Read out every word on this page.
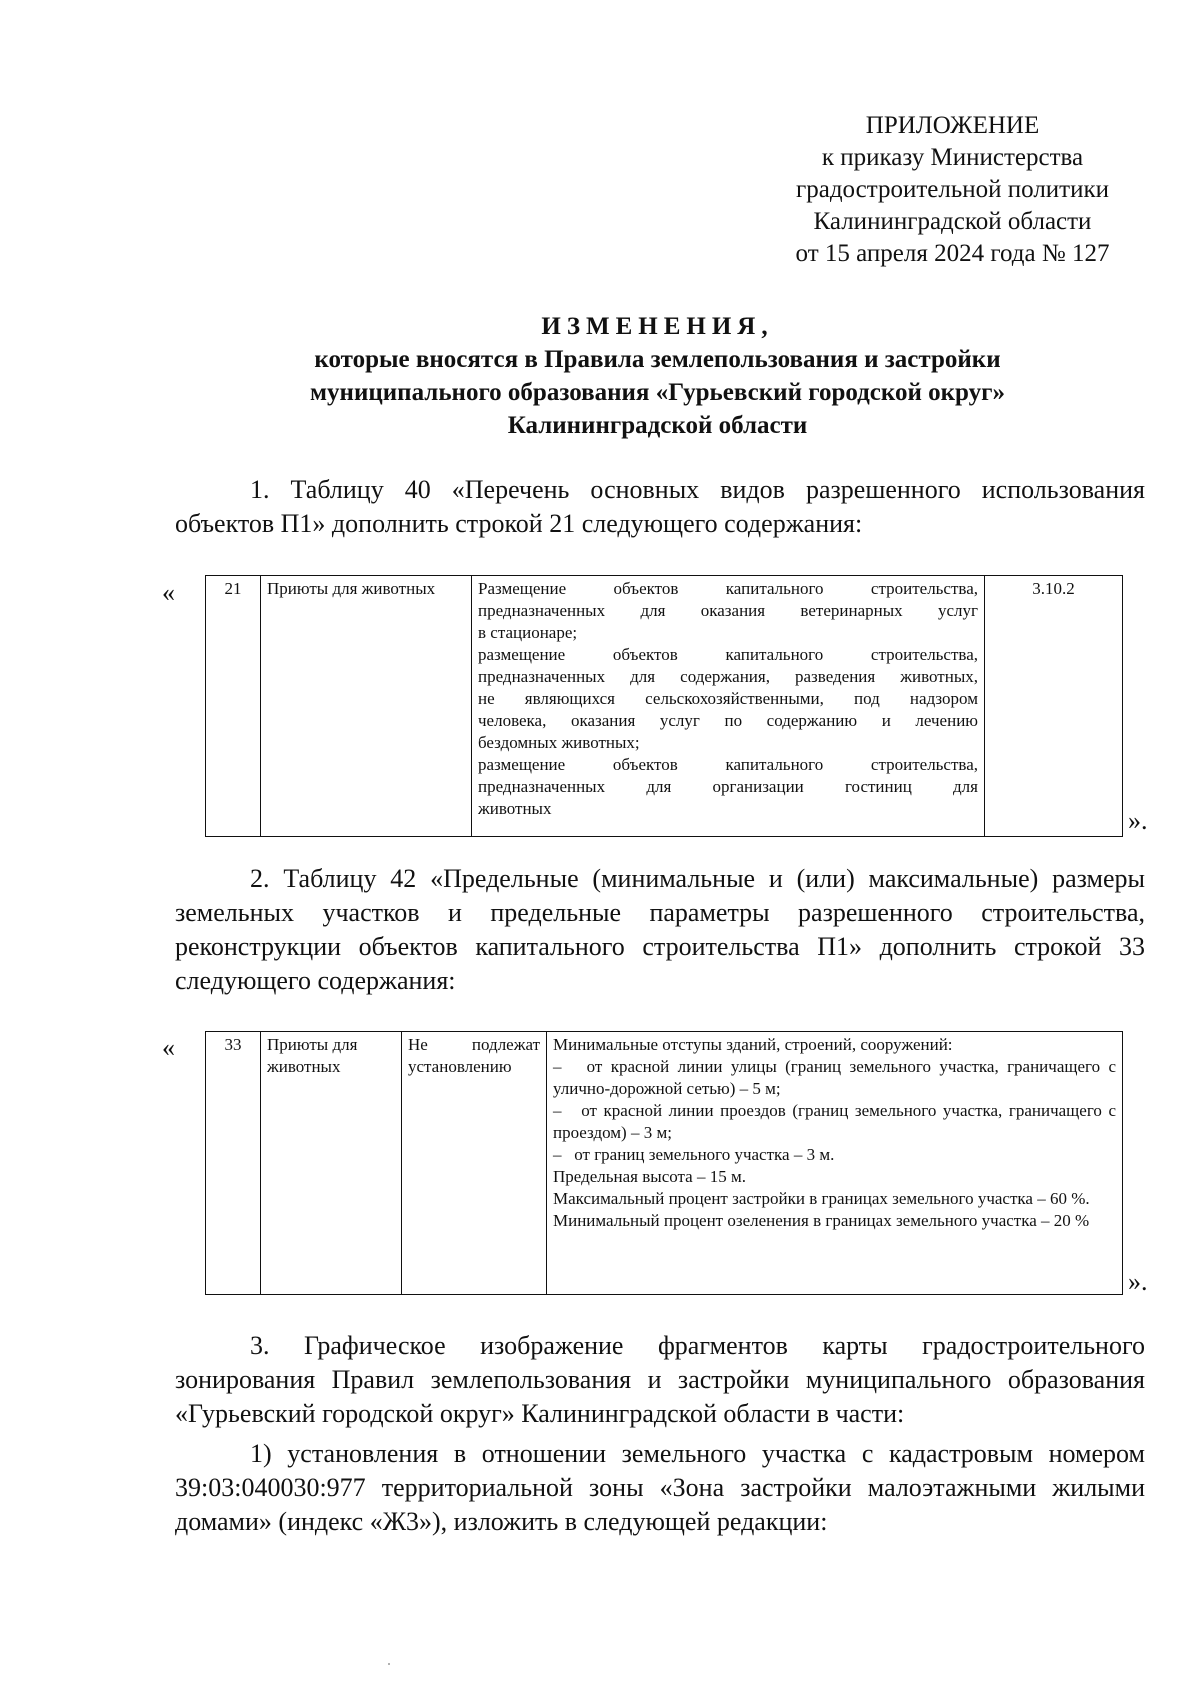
ПРИЛОЖЕНИЕ
к приказу Министерства
градостроительной политики
Калининградской области
от 15 апреля 2024 года № 127
ИЗМЕНЕНИЯ,
которые вносятся в Правила землепользования и застройки
муниципального образования «Гурьевский городской округ»
Калининградской области
1. Таблицу 40 «Перечень основных видов разрешенного использования объектов П1» дополнить строкой 21 следующего содержания:
«	21	Приюты для животных	Размещение объектов капитального строительства,
предназначенных для оказания ветеринарных услуг
в стационаре;
размещение объектов капитального строительства,
предназначенных для содержания, разведения животных,
не являющихся сельскохозяйственными, под надзором
человека, оказания услуг по содержанию и лечению
бездомных животных;
размещение объектов капитального строительства,
предназначенных для организации гостиниц для
животных
	3.10.2
».
2. Таблицу 42 «Предельные (минимальные и (или) максимальные) размеры земельных участков и предельные параметры разрешенного строительства, реконструкции объектов капитального строительства П1» дополнить строкой 33 следующего содержания:
«	33	Приюты для животных	Не подлежат установлению	
Минимальные отступы зданий, строений, сооружений:
–   от красной линии улицы (границ земельного участка, граничащего с улично-дорожной сетью) – 5 м;
–   от красной линии проездов (границ земельного участка, граничащего с проездом) – 3 м;
–   от границ земельного участка – 3 м.
Предельная высота – 15 м.
Максимальный процент застройки в границах земельного участка – 60 %.
Минимальный процент озеленения в границах земельного участка – 20 %
».
3. Графическое изображение фрагментов карты градостроительного зонирования Правил землепользования и застройки муниципального образования «Гурьевский городской округ» Калининградской области в части:
1) установления в отношении земельного участка с кадастровым номером 39:03:040030:977 территориальной зоны «Зона застройки малоэтажными жилыми домами» (индекс «Ж3»), изложить в следующей редакции:
